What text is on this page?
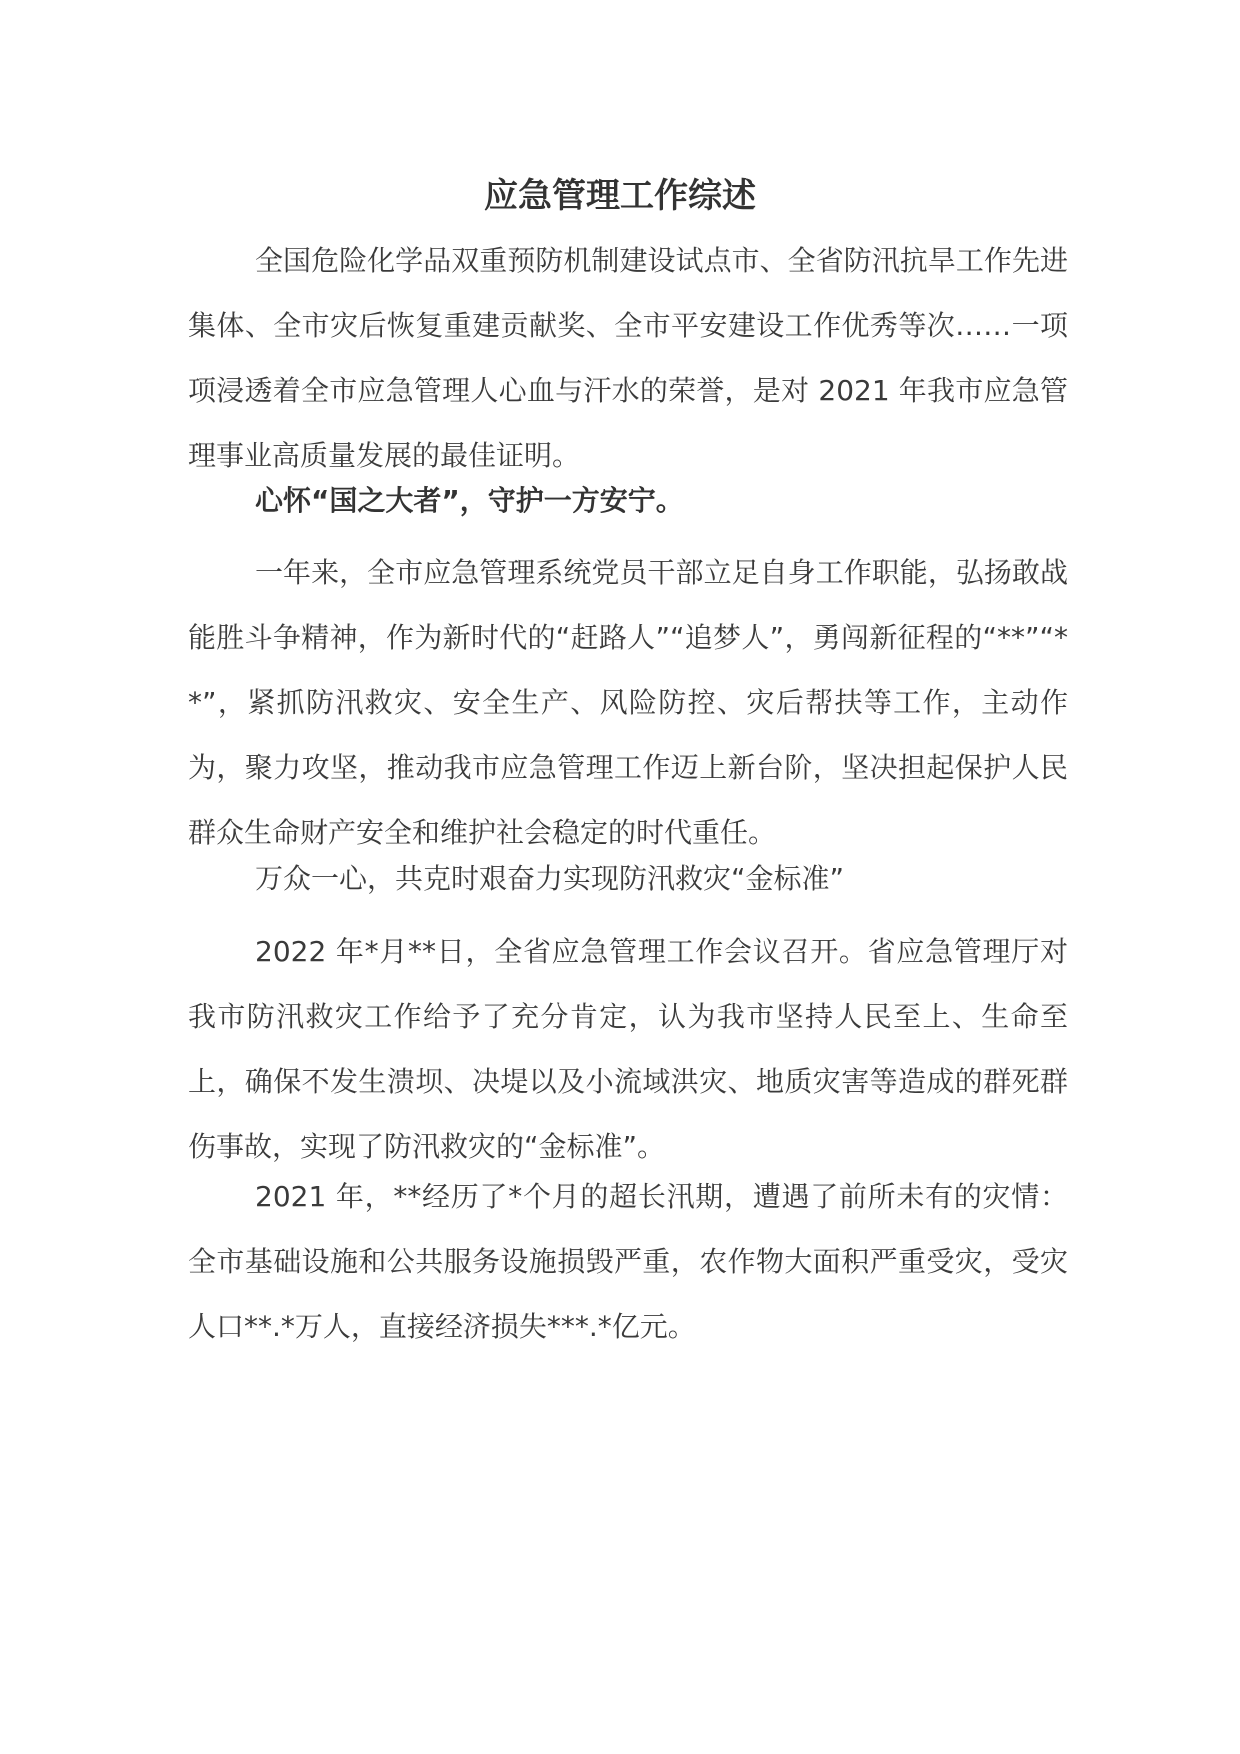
应急管理工作综述

全国危险化学品双重预防机制建设试点市、全省防汛抗旱工作先进集体、全市灾后恢复重建贡献奖、全市平安建设工作优秀等次……一项项浸透着全市应急管理人心血与汗水的荣誉，是对 2021 年我市应急管理事业高质量发展的最佳证明。

心怀“国之大者”，守护一方安宁。

一年来，全市应急管理系统党员干部立足自身工作职能，弘扬敢战能胜斗争精神，作为新时代的“赶路人”“追梦人”，勇闯新征程的“**”“**”，紧抓防汛救灾、安全生产、风险防控、灾后帮扶等工作，主动作为，聚力攻坚，推动我市应急管理工作迈上新台阶，坚决担起保护人民群众生命财产安全和维护社会稳定的时代重任。

万众一心，共克时艰奋力实现防汛救灾“金标准”

2022 年*月**日，全省应急管理工作会议召开。省应急管理厅对我市防汛救灾工作给予了充分肯定，认为我市坚持人民至上、生命至上，确保不发生溃坝、决堤以及小流域洪灾、地质灾害等造成的群死群伤事故，实现了防汛救灾的“金标准”。

2021 年，**经历了*个月的超长汛期，遭遇了前所未有的灾情：全市基础设施和公共服务设施损毁严重，农作物大面积严重受灾，受灾人口**.*万人，直接经济损失***.*亿元。
